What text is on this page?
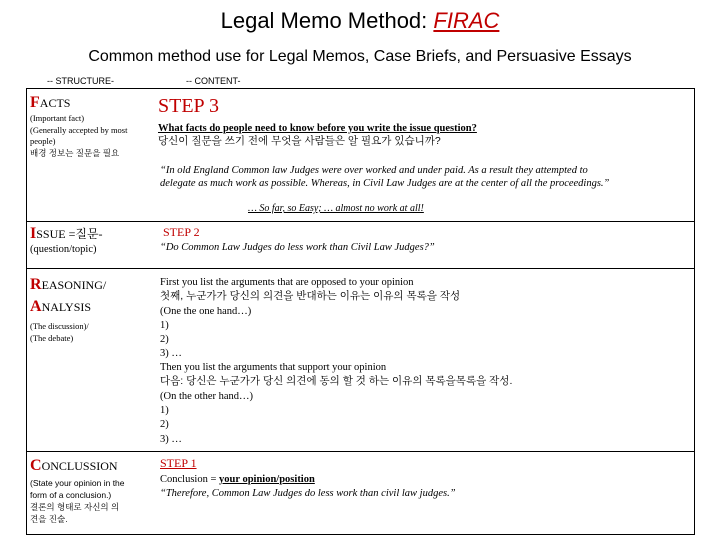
Legal Memo Method: FIRAC
Common method use for Legal Memos, Case Briefs, and Persuasive Essays
-- STRUCTURE-	-- CONTENT-
FACTS
(Important fact)
(Generally accepted by most
people)
배경 정보는 질문을 필요
STEP 3
What facts do people need to know before you write the issue question?
당신이 질문을 쓰기 전에 무엇을 사람들은 알 필요가 있습니까?
“In old England Common law Judges were over worked and under paid. As a result they attempted to
delegate as much work as possible. Whereas, in Civil Law Judges are at the center of all the proceedings.”
… So far, so Easy; … almost no work at all!
ISSUE =질문-
(question/topic)
STEP 2
“Do Common Law Judges do less work than Civil Law Judges?”
REASONING/
ANALYSIS
(The discussion)/
(The debate)
First you list the arguments that are opposed to your opinion
첫째, 누군가가 당신의 의견을 반대하는 이유는 이유의 목록을 작성
(One the one hand…)
1)
2)
3) …
Then you list the arguments that support your opinion
다음: 당신은 누군가가 당신 의견에 동의 할 것 하는 이유의 목록을목록을 작성.
(On the other hand…)
1)
2)
3) …
CONCLUSSION
(State your opinion in the
form of a conclusion.)
결론의 형태로 자신의 의
견을 진술.
STEP 1
Conclusion = your opinion/position
“Therefore, Common Law Judges do less work than civil law judges.”
